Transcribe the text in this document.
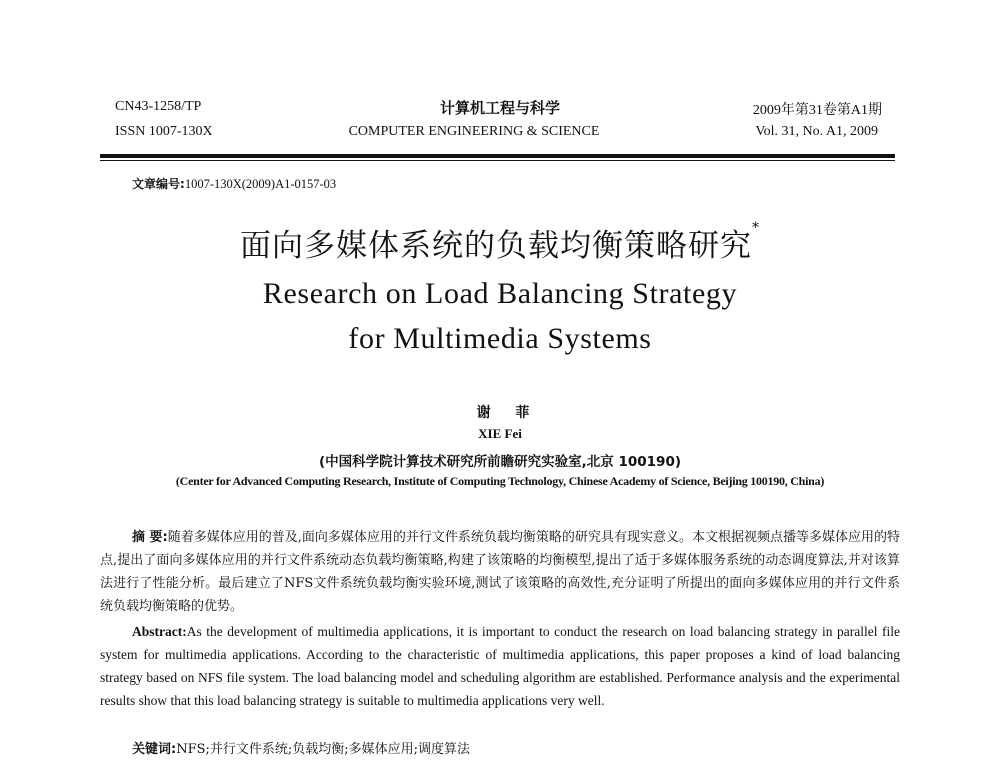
CN43-1258/TP
ISSN 1007-130X
计算机工程与科学
COMPUTER ENGINEERING & SCIENCE
2009年第31卷第A1期
Vol. 31, No. A1, 2009
文章编号:1007-130X(2009)A1-0157-03
面向多媒体系统的负载均衡策略研究*
Research on Load Balancing Strategy
for Multimedia Systems
谢 菲
XIE Fei
(中国科学院计算技术研究所前瞻研究实验室,北京 100190)
(Center for Advanced Computing Research, Institute of Computing Technology, Chinese Academy of Science, Beijing 100190, China)
摘 要:随着多媒体应用的普及,面向多媒体应用的并行文件系统负载均衡策略的研究具有现实意义。本文根据视频点播等多媒体应用的特点,提出了面向多媒体应用的并行文件系统动态负载均衡策略,构建了该策略的均衡模型,提出了适于多媒体服务系统的动态调度算法,并对该算法进行了性能分析。最后建立了NFS文件系统负载均衡实验环境,测试了该策略的高效性,充分证明了所提出的面向多媒体应用的并行文件系统负载均衡策略的优势。
Abstract:As the development of multimedia applications, it is important to conduct the research on load balancing strategy in parallel file system for multimedia applications. According to the characteristic of multimedia applications, this paper proposes a kind of load balancing strategy based on NFS file system. The load balancing model and scheduling algorithm are established. Performance analysis and the experimental results show that this load balancing strategy is suitable to multimedia applications very well.
关键词:NFS;并行文件系统;负载均衡;多媒体应用;调度算法
